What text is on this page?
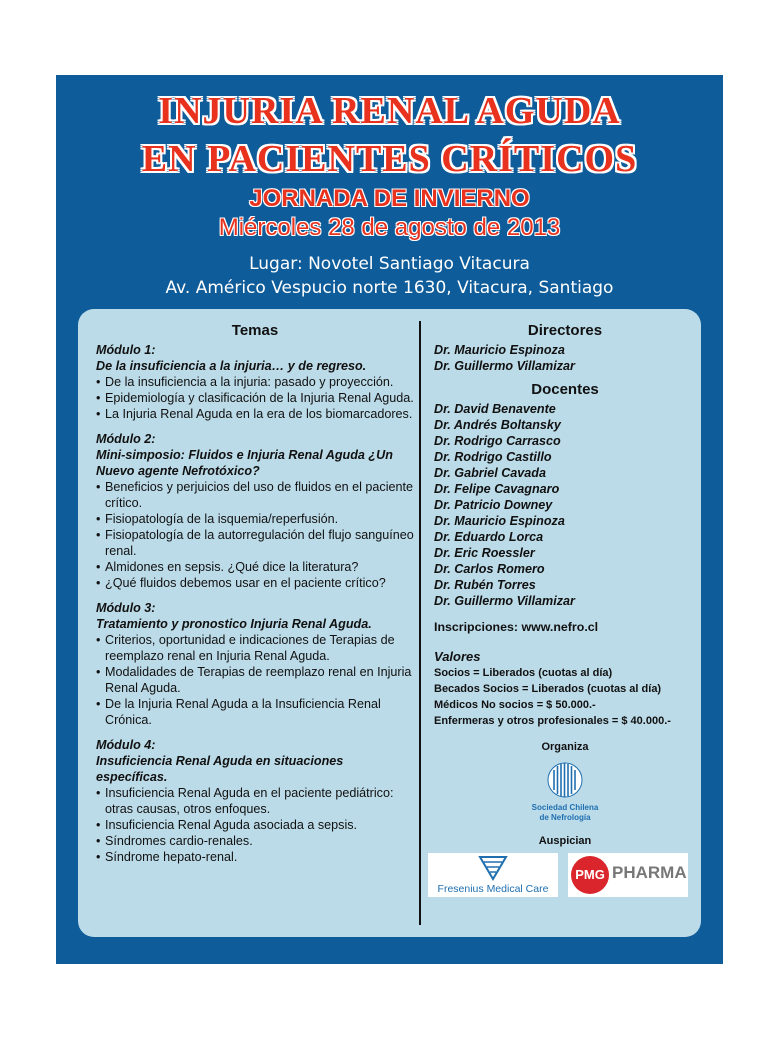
INJURIA RENAL AGUDA
EN PACIENTES CRÍTICOS
JORNADA DE INVIERNO
Miércoles 28 de agosto de 2013
Lugar: Novotel Santiago Vitacura
Av. Américo Vespucio norte 1630, Vitacura, Santiago
Temas
Módulo 1:
De la insuficiencia a la injuria… y de regreso.
• De la insuficiencia a la injuria: pasado y proyección.
• Epidemiología y clasificación de la Injuria Renal Aguda.
• La Injuria Renal Aguda en la era de los biomarcadores.
Módulo 2:
Mini-simposio: Fluidos e Injuria Renal Aguda ¿Un Nuevo agente Nefrotóxico?
• Beneficios y perjuicios del uso de fluidos en el paciente crítico.
• Fisiopatología de la isquemia/reperfusión.
• Fisiopatología de la autorregulación del flujo sanguíneo renal.
• Almidones en sepsis. ¿Qué dice la literatura?
• ¿Qué fluidos debemos usar en el paciente crítico?
Módulo 3:
Tratamiento y pronostico Injuria Renal Aguda.
• Criterios, oportunidad e indicaciones de Terapias de reemplazo renal en Injuria Renal Aguda.
• Modalidades de Terapias de reemplazo renal en Injuria Renal Aguda.
• De la Injuria Renal Aguda a la Insuficiencia Renal Crónica.
Módulo 4:
Insuficiencia Renal Aguda en situaciones específicas.
• Insuficiencia Renal Aguda en el paciente pediátrico: otras causas, otros enfoques.
• Insuficiencia Renal Aguda asociada a sepsis.
• Síndromes cardio-renales.
• Síndrome hepato-renal.
Directores
Dr. Mauricio Espinoza
Dr. Guillermo Villamizar
Docentes
Dr. David Benavente
Dr. Andrés Boltansky
Dr. Rodrigo Carrasco
Dr. Rodrigo Castillo
Dr. Gabriel Cavada
Dr. Felipe Cavagnaro
Dr. Patricio Downey
Dr. Mauricio Espinoza
Dr. Eduardo Lorca
Dr. Eric Roessler
Dr. Carlos Romero
Dr. Rubén Torres
Dr. Guillermo Villamizar
Inscripciones: www.nefro.cl
Valores
Socios = Liberados (cuotas al día)
Becados Socios = Liberados (cuotas al día)
Médicos No socios = $ 50.000.-
Enfermeras y otros profesionales = $ 40.000.-
Organiza
Sociedad Chilena
de Nefrología
Auspician
Fresenius Medical Care
PMG PHARMA
